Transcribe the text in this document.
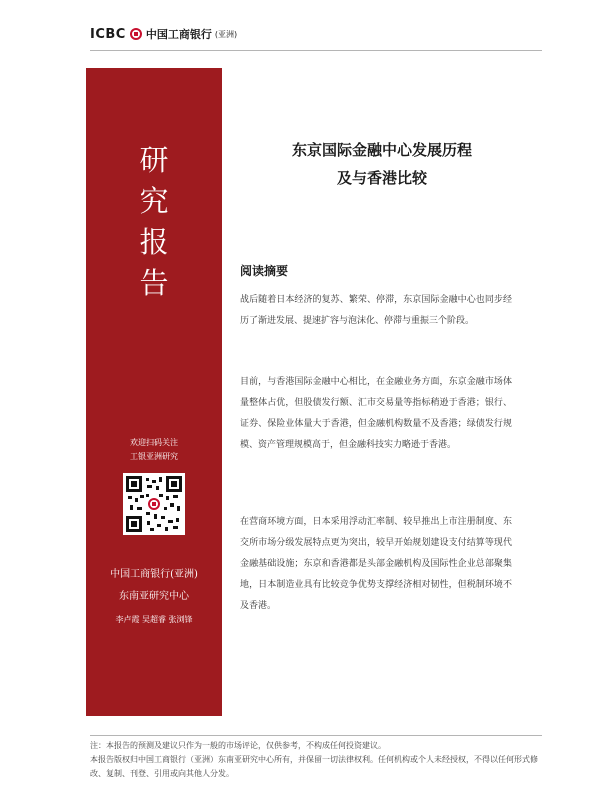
ICBC 中国工商银行 (亚洲)
研
究
报
告
欢迎扫码关注
工银亚洲研究
中国工商银行(亚洲)
东南亚研究中心
李卢霞 吴超睿 张浏锋
东京国际金融中心发展历程
及与香港比较
阅读摘要

战后随着日本经济的复苏、繁荣、停滞，东京国际金融中心也同步经历了渐进发展、提速扩容与泡沫化、停滞与重振三个阶段。

目前，与香港国际金融中心相比，在金融业务方面，东京金融市场体量整体占优，但股债发行额、汇市交易量等指标稍逊于香港；银行、证券、保险业体量大于香港，但金融机构数量不及香港；绿债发行规模、资产管理规模高于，但金融科技实力略逊于香港。

在营商环境方面，日本采用浮动汇率制、较早推出上市注册制度、东交所市场分级发展特点更为突出，较早开始规划建设支付结算等现代金融基础设施；东京和香港都是头部金融机构及国际性企业总部聚集地，日本制造业具有比较竞争优势支撑经济相对韧性，但税制环境不及香港。

注：本报告的预测及建议只作为一般的市场评论，仅供参考，不构成任何投资建议。
本报告版权归中国工商银行（亚洲）东南亚研究中心所有，并保留一切法律权利。任何机构或个人未经授权，不得以任何形式修改、复制、刊登、引用或向其他人分发。
